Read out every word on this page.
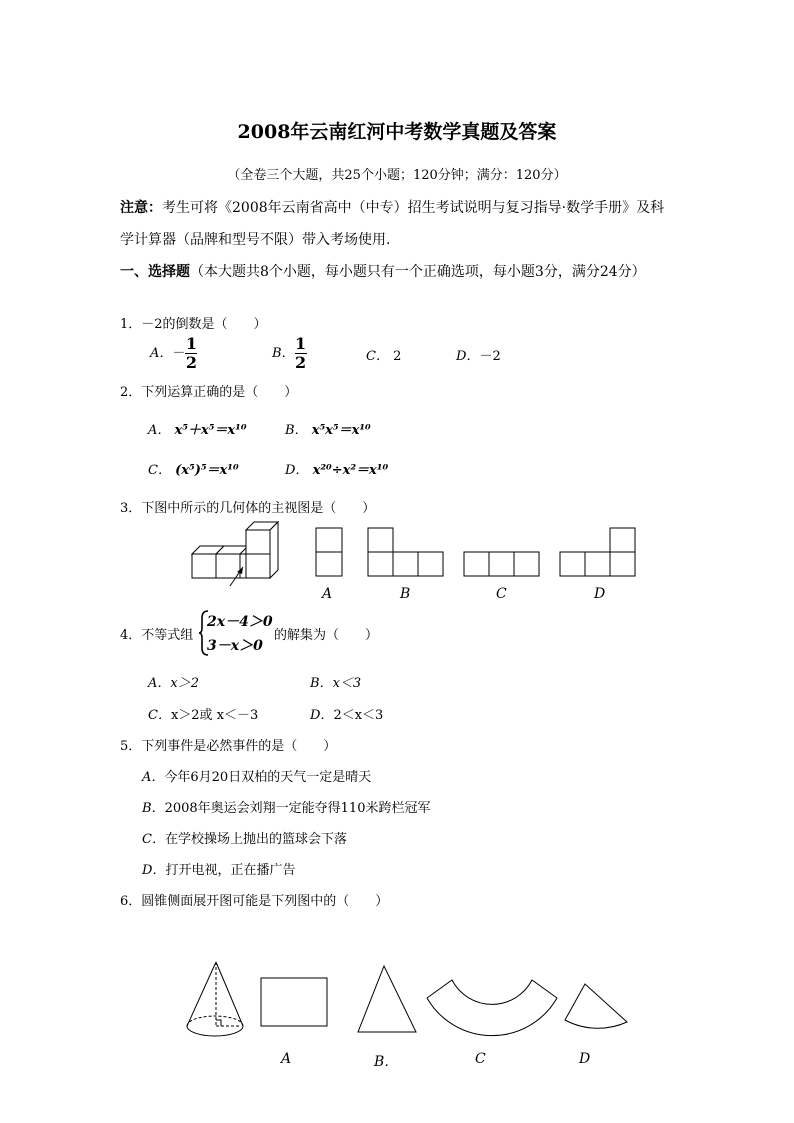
2008年云南红河中考数学真题及答案
（全卷三个大题，共25个小题；120分钟；满分：120分）
注意：考生可将《2008年云南省高中（中专）招生考试说明与复习指导·数学手册》及科
学计算器（品牌和型号不限）带入考场使用.
一、选择题（本大题共8个小题，每小题只有一个正确选项，每小题3分，满分24分）
1．－2的倒数是（　　）
A．－ $\frac{1}{2}$	B． $\frac{1}{2}$	C． 2	D．－2
2．下列运算正确的是（　　）
A． x⁵＋x⁵＝x¹⁰	B． x⁵x⁵＝x¹⁰
C． (x⁵)⁵＝x¹⁰	D． x²⁰÷x²＝x¹⁰
3．下图中所示的几何体的主视图是（　　）
A	B	C	D
4．不等式组
2x－4＞0
3－x＞0
的解集为（　　）
A．x＞2	B．x＜3
C．x＞2或 x＜－3	D．2＜x＜3
5．下列事件是必然事件的是（　　）
A．今年6月20日双柏的天气一定是晴天
B．2008年奥运会刘翔一定能夺得110米跨栏冠军
C．在学校操场上抛出的篮球会下落
D．打开电视，正在播广告
6．圆锥侧面展开图可能是下列图中的（　　）
A	B．	C	D
